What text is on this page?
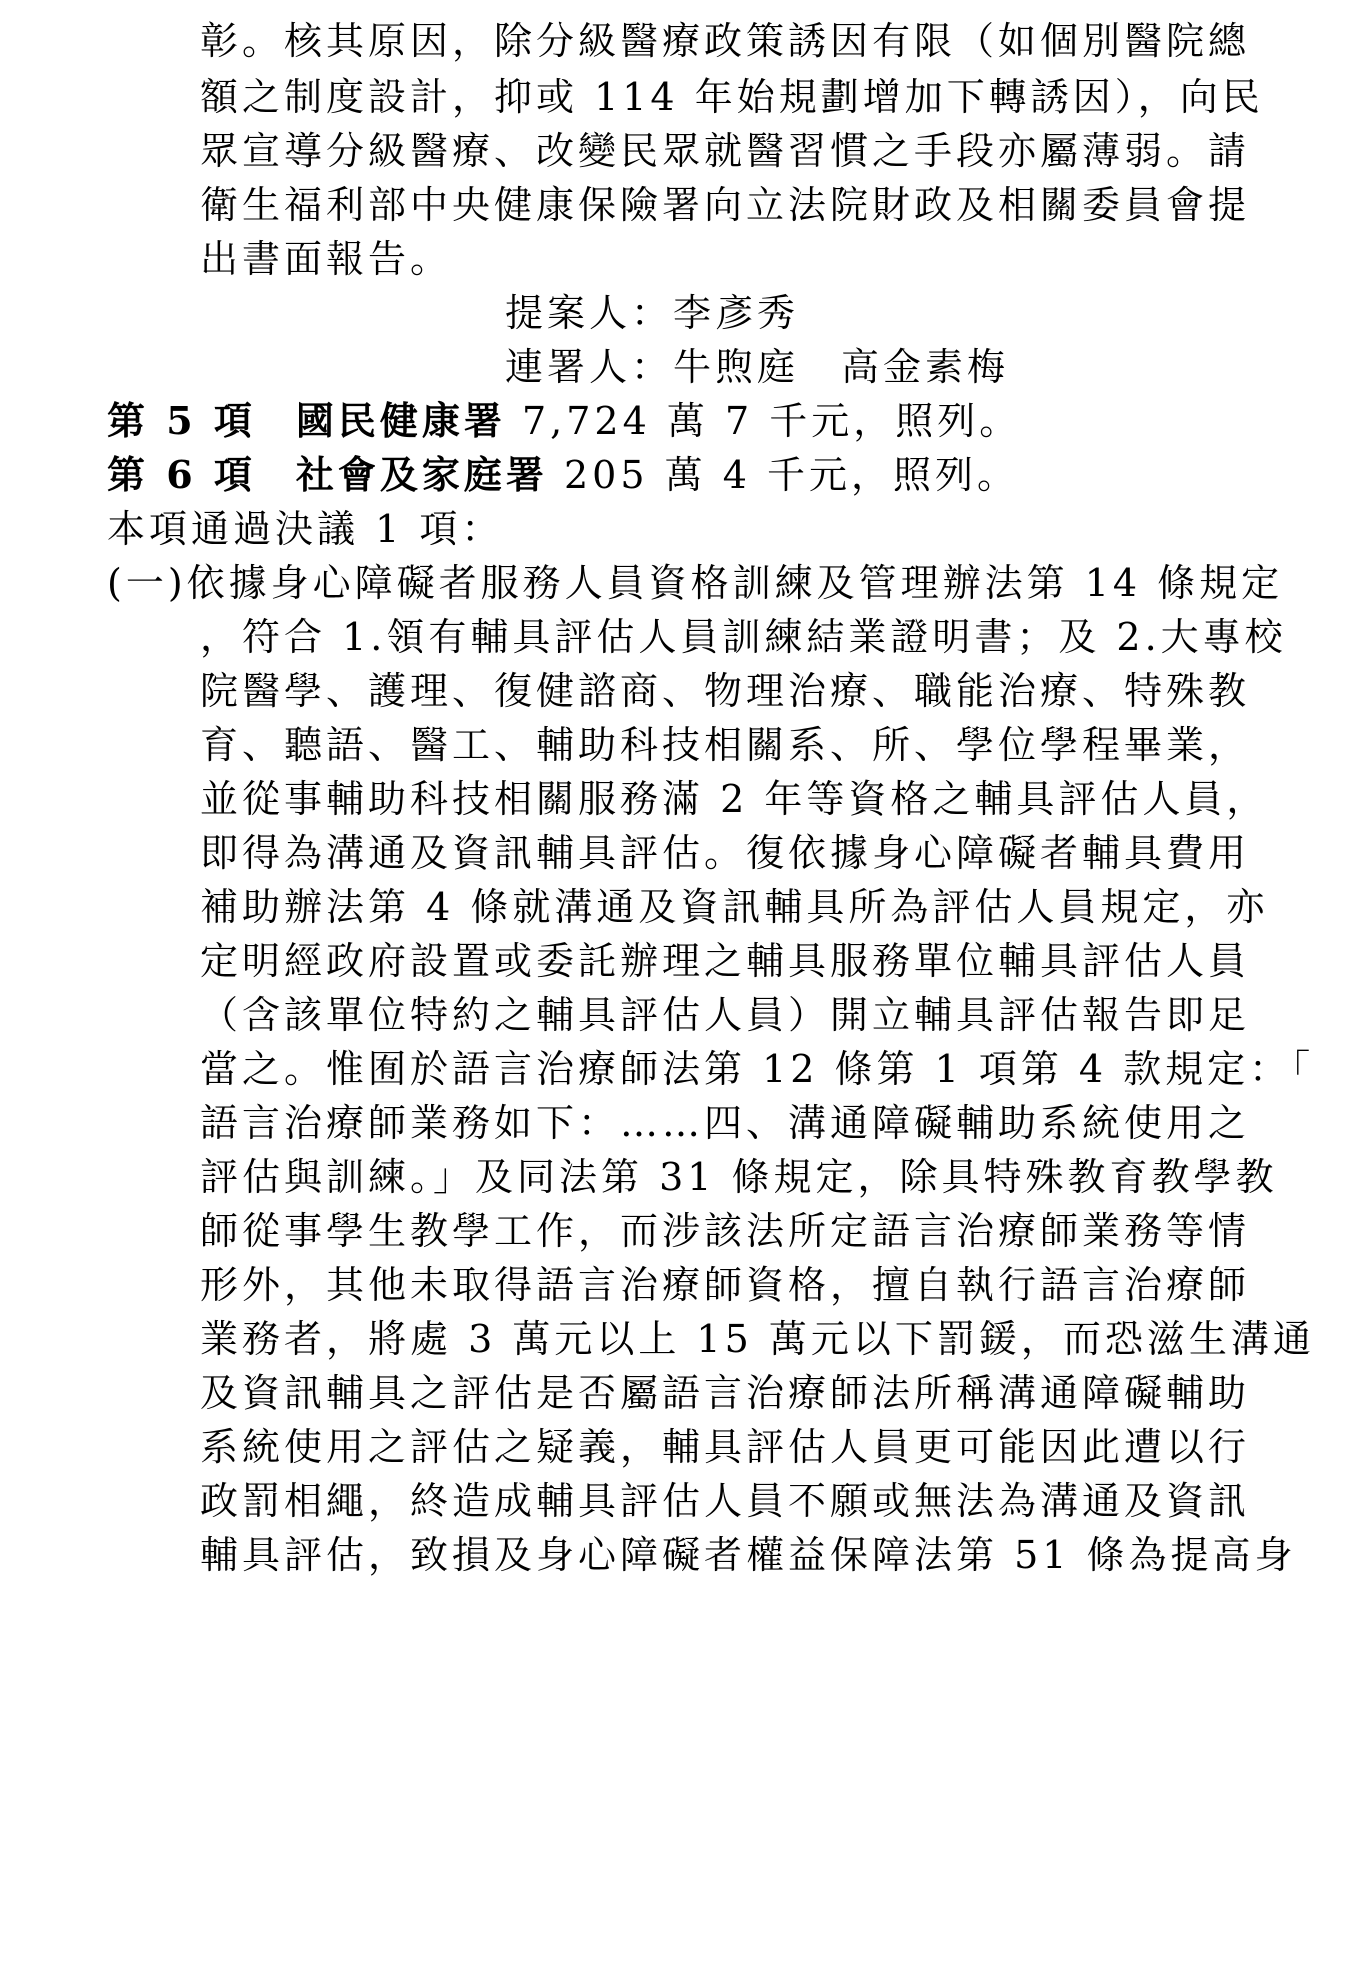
彰。核其原因，除分級醫療政策誘因有限（如個別醫院總
額之制度設計，抑或 114 年始規劃增加下轉誘因），向民
眾宣導分級醫療、改變民眾就醫習慣之手段亦屬薄弱。請
衛生福利部中央健康保險署向立法院財政及相關委員會提
出書面報告。
提案人：李彥秀
連署人：牛煦庭　高金素梅
第 5 項 國民健康署 7,724 萬 7 千元，照列。
第 6 項 社會及家庭署 205 萬 4 千元，照列。
本項通過決議 1 項：
(一)依據身心障礙者服務人員資格訓練及管理辦法第 14 條規定
，符合 1.領有輔具評估人員訓練結業證明書；及 2.大專校
院醫學、護理、復健諮商、物理治療、職能治療、特殊教
育、聽語、醫工、輔助科技相關系、所、學位學程畢業，
並從事輔助科技相關服務滿 2 年等資格之輔具評估人員，
即得為溝通及資訊輔具評估。復依據身心障礙者輔具費用
補助辦法第 4 條就溝通及資訊輔具所為評估人員規定，亦
定明經政府設置或委託辦理之輔具服務單位輔具評估人員
（含該單位特約之輔具評估人員）開立輔具評估報告即足
當之。惟囿於語言治療師法第 12 條第 1 項第 4 款規定：「
語言治療師業務如下：……四、溝通障礙輔助系統使用之
評估與訓練。」及同法第 31 條規定，除具特殊教育教學教
師從事學生教學工作，而涉該法所定語言治療師業務等情
形外，其他未取得語言治療師資格，擅自執行語言治療師
業務者，將處 3 萬元以上 15 萬元以下罰鍰，而恐滋生溝通
及資訊輔具之評估是否屬語言治療師法所稱溝通障礙輔助
系統使用之評估之疑義，輔具評估人員更可能因此遭以行
政罰相繩，終造成輔具評估人員不願或無法為溝通及資訊
輔具評估，致損及身心障礙者權益保障法第 51 條為提高身
